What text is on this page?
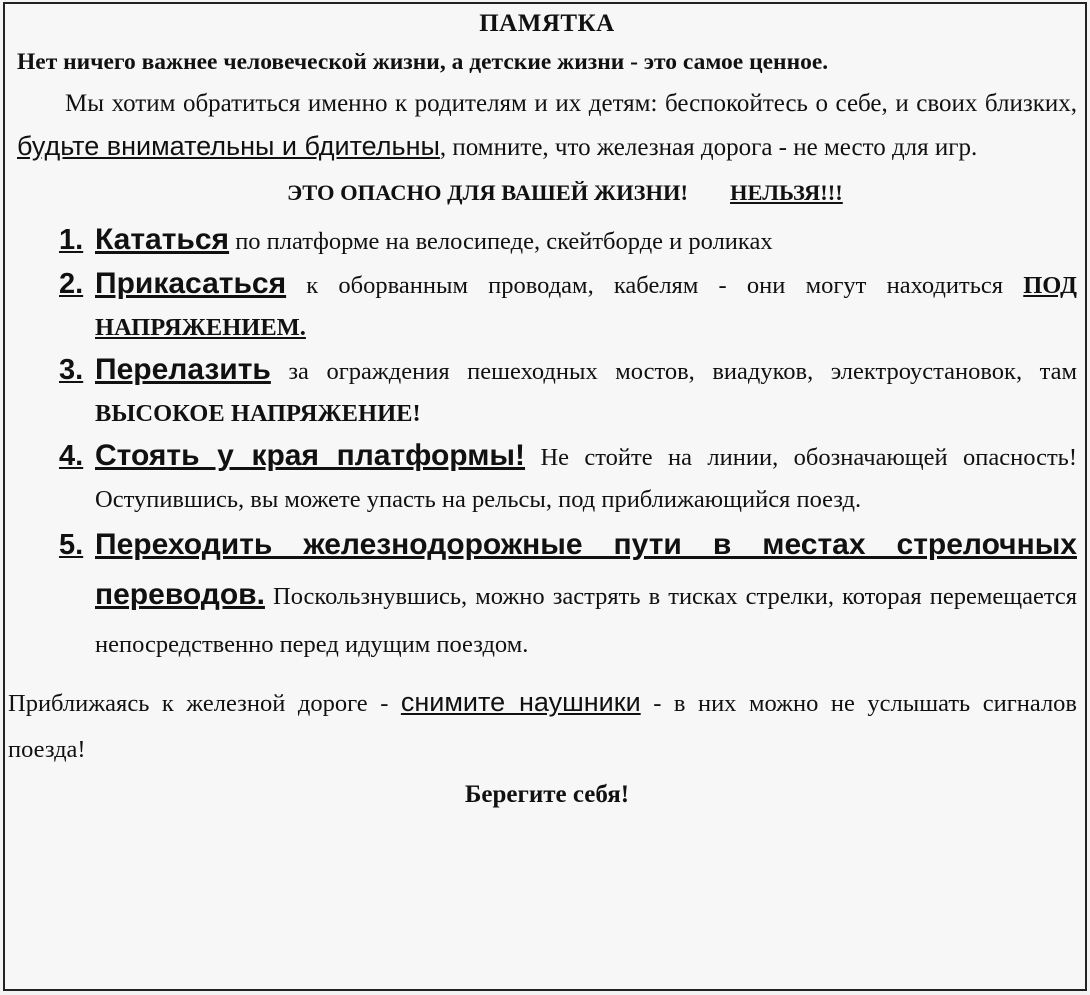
ПАМЯТКА

Нет ничего важнее человеческой жизни, а детские жизни - это самое ценное.

Мы хотим обратиться именно к родителям и их детям: беспокойтесь о себе, и своих близких, будьте внимательны и бдительны, помните, что железная дорога - не место для игр.

ЭТО ОПАСНО ДЛЯ ВАШЕЙ ЖИЗНИ! НЕЛЬЗЯ!!!

1. Кататься по платформе на велосипеде, скейтборде и роликах

2. Прикасаться к оборванным проводам, кабелям - они могут находиться ПОД НАПРЯЖЕНИЕМ.

3. Перелазить за ограждения пешеходных мостов, виадуков, электроустановок, там ВЫСОКОЕ НАПРЯЖЕНИЕ!

4. Стоять у края платформы! Не стойте на линии, обозначающей опасность! Оступившись, вы можете упасть на рельсы, под приближающийся поезд.

5. Переходить железнодорожные пути в местах стрелочных переводов. Поскользнувшись, можно застрять в тисках стрелки, которая перемещается непосредственно перед идущим поездом.

Приближаясь к железной дороге - снимите наушники - в них можно не услышать сигналов поезда!

Берегите себя!
